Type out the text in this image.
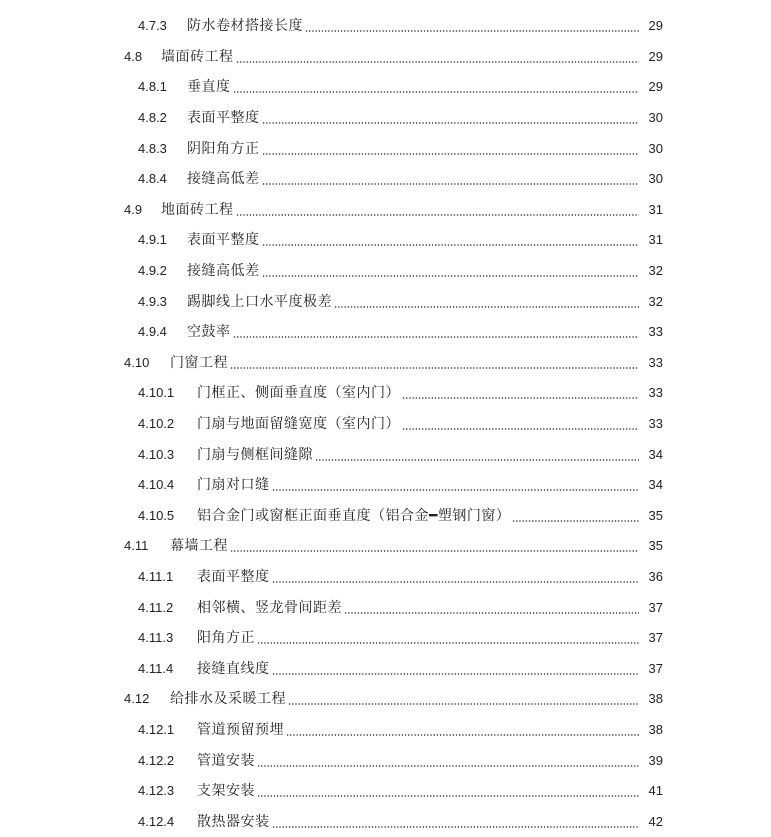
4.7.3	防水卷材搭接长度	29
4.8	墙面砖工程	29
4.8.1	垂直度	29
4.8.2	表面平整度	30
4.8.3	阴阳角方正	30
4.8.4	接缝高低差	30
4.9	地面砖工程	31
4.9.1	表面平整度	31
4.9.2	接缝高低差	32
4.9.3	踢脚线上口水平度极差	32
4.9.4	空鼓率	33
4.10	门窗工程	33
4.10.1	门框正、侧面垂直度（室内门）	33
4.10.2	门扇与地面留缝宽度（室内门）	33
4.10.3	门扇与侧框间缝隙	34
4.10.4	门扇对口缝	34
4.10.5	铝合金门或窗框正面垂直度（铝合金━塑钢门窗）	35
4.11	幕墙工程	35
4.11.1	表面平整度	36
4.11.2	相邻横、竖龙骨间距差	37
4.11.3	阳角方正	37
4.11.4	接缝直线度	37
4.12	给排水及采暖工程	38
4.12.1	管道预留预埋	38
4.12.2	管道安装	39
4.12.3	支架安装	41
4.12.4	散热器安装	42
